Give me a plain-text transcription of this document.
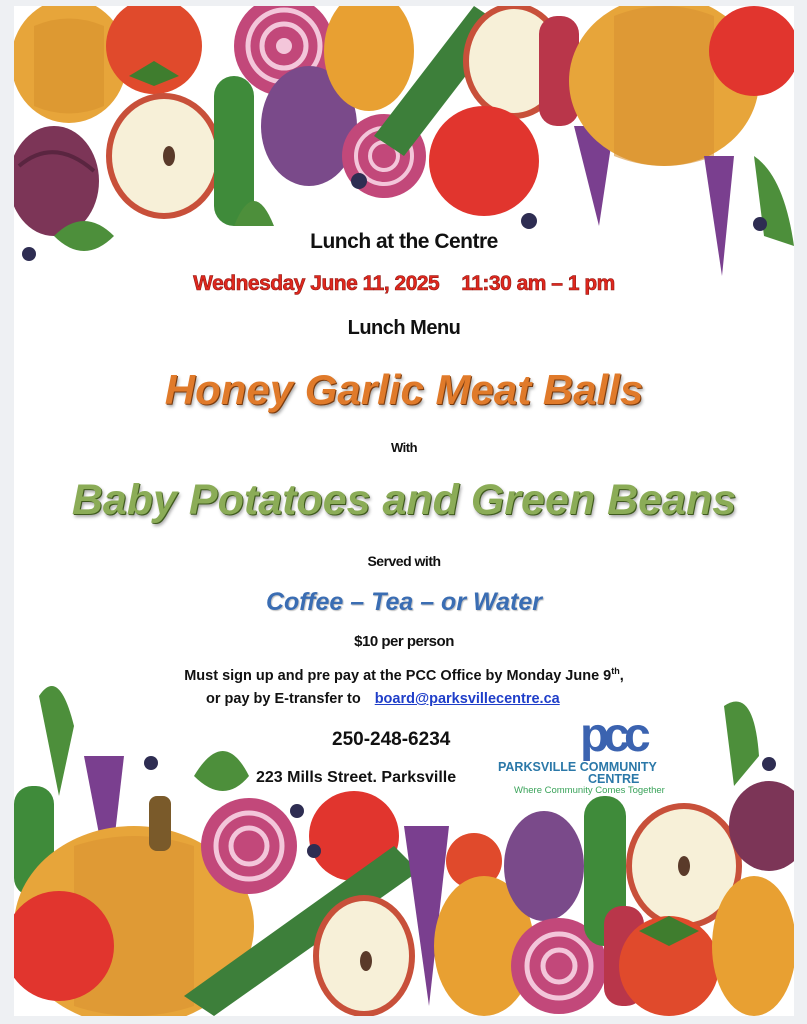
Lunch at the Centre
Wednesday June 11, 2025 11:30 am – 1 pm
Lunch Menu
Honey Garlic Meat Balls
With
Baby Potatoes and Green Beans
Served with
Coffee – Tea – or Water
$10 per person
Must sign up and pre pay at the PCC Office by Monday June 9th,
or pay by E-transfer to board@parksvillecentre.ca
250-248-6234
223 Mills Street. Parksville
pcc
PARKSVILLE COMMUNITY
CENTRE
Where Community Comes Together
